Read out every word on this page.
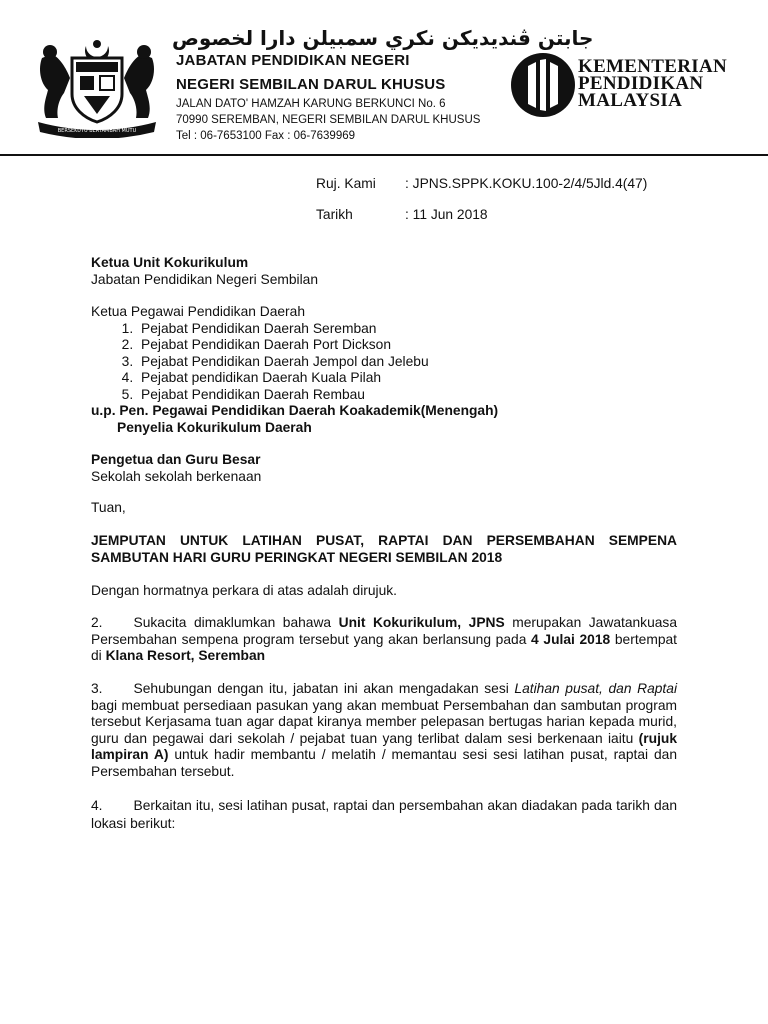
BERSEKUTU BERTAMBAH MUTU
جابتن ڤنديديكن نكري سمبيلن دارا لخصوص
JABATAN PENDIDIKAN NEGERI
NEGERI SEMBILAN DARUL KHUSUS
JALAN DATO' HAMZAH KARUNG BERKUNCI No. 6
70990 SEREMBAN, NEGERI SEMBILAN DARUL KHUSUS
Tel : 06-7653100 Fax : 06-7639969
KEMENTERIAN
PENDIDIKAN
MALAYSIA
Ruj. Kami : JPNS.SPPK.KOKU.100-2/4/5Jld.4(47)
Tarikh	: 11 Jun 2018
Ketua Unit Kokurikulum
Jabatan Pendidikan Negeri Sembilan
Ketua Pegawai Pendidikan Daerah
1. Pejabat Pendidikan Daerah Seremban
2. Pejabat Pendidikan Daerah Port Dickson
3. Pejabat Pendidikan Daerah Jempol dan Jelebu
4. Pejabat pendidikan Daerah Kuala Pilah
5. Pejabat Pendidikan Daerah Rembau
u.p. Pen. Pegawai Pendidikan Daerah Koakademik(Menengah)
Penyelia Kokurikulum Daerah
Pengetua dan Guru Besar
Sekolah sekolah berkenaan
Tuan,
JEMPUTAN UNTUK LATIHAN PUSAT, RAPTAI DAN PERSEMBAHAN SEMPENA SAMBUTAN HARI GURU PERINGKAT NEGERI SEMBILAN 2018
Dengan hormatnya perkara di atas adalah dirujuk.
2. Sukacita dimaklumkan bahawa Unit Kokurikulum, JPNS merupakan Jawatankuasa Persembahan sempena program tersebut yang akan berlansung pada 4 Julai 2018 bertempat di Klana Resort, Seremban
3. Sehubungan dengan itu, jabatan ini akan mengadakan sesi Latihan pusat, dan Raptai bagi membuat persediaan pasukan yang akan membuat Persembahan dan sambutan program tersebut Kerjasama tuan agar dapat kiranya member pelepasan bertugas harian kepada murid, guru dan pegawai dari sekolah / pejabat tuan yang terlibat dalam sesi berkenaan iaitu (rujuk lampiran A) untuk hadir membantu / melatih / memantau sesi sesi latihan pusat, raptai dan Persembahan tersebut.
4. Berkaitan itu, sesi latihan pusat, raptai dan persembahan akan diadakan pada tarikh dan lokasi berikut:
